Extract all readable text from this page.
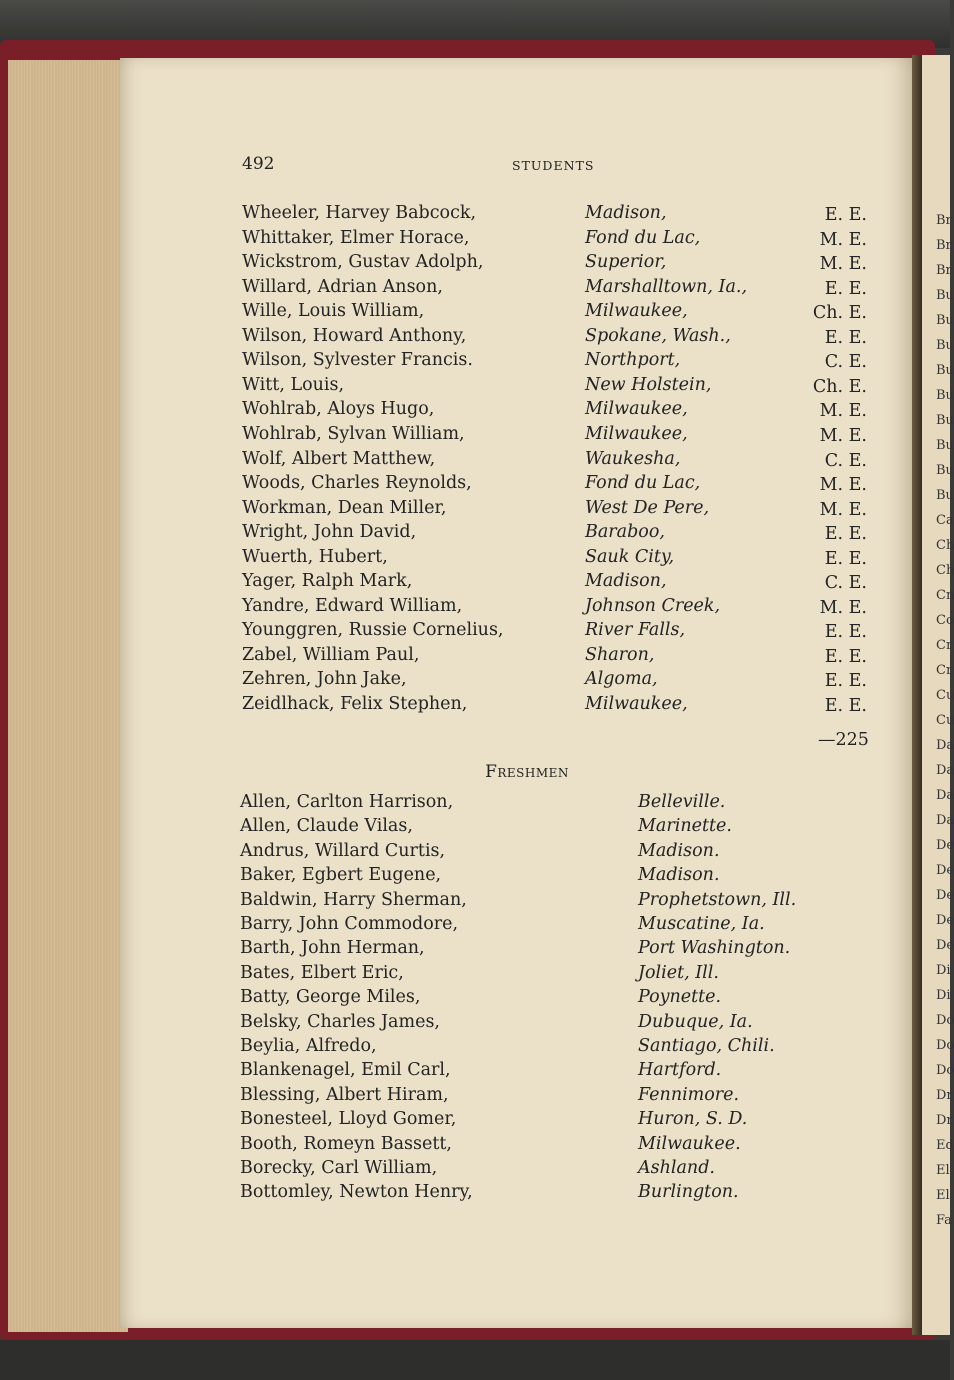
Br
Br
Br
Bu
Bu
Bu
Bu
Bu
Bu
Bu
Bu
Bu
Ca
Ch
Ch
Cn
Co
Cr
Cr
Cu
Cu
Da
Da
Da
Da
De
De
De
De
De
Di
Di
Do
Do
Do
Dr
Dr
Ed
El
El
Fa
492	STUDENTS
Wheeler, Harvey Babcock,	Madison,	E. E.
Whittaker, Elmer Horace,	Fond du Lac,	M. E.
Wickstrom, Gustav Adolph,	Superior,	M. E.
Willard, Adrian Anson,	Marshalltown, Ia.,	E. E.
Wille, Louis William,	Milwaukee,	Ch. E.
Wilson, Howard Anthony,	Spokane, Wash.,	E. E.
Wilson, Sylvester Francis.	Northport,	C. E.
Witt, Louis,	New Holstein,	Ch. E.
Wohlrab, Aloys Hugo,	Milwaukee,	M. E.
Wohlrab, Sylvan William,	Milwaukee,	M. E.
Wolf, Albert Matthew,	Waukesha,	C. E.
Woods, Charles Reynolds,	Fond du Lac,	M. E.
Workman, Dean Miller,	West De Pere,	M. E.
Wright, John David,	Baraboo,	E. E.
Wuerth, Hubert,	Sauk City,	E. E.
Yager, Ralph Mark,	Madison,	C. E.
Yandre, Edward William,	Johnson Creek,	M. E.
Younggren, Russie Cornelius,	River Falls,	E. E.
Zabel, William Paul,	Sharon,	E. E.
Zehren, John Jake,	Algoma,	E. E.
Zeidlhack, Felix Stephen,	Milwaukee,	E. E.
—225
Freshmen
Allen, Carlton Harrison,	Belleville.
Allen, Claude Vilas,	Marinette.
Andrus, Willard Curtis,	Madison.
Baker, Egbert Eugene,	Madison.
Baldwin, Harry Sherman,	Prophetstown, Ill.
Barry, John Commodore,	Muscatine, Ia.
Barth, John Herman,	Port Washington.
Bates, Elbert Eric,	Joliet, Ill.
Batty, George Miles,	Poynette.
Belsky, Charles James,	Dubuque, Ia.
Beylia, Alfredo,	Santiago, Chili.
Blankenagel, Emil Carl,	Hartford.
Blessing, Albert Hiram,	Fennimore.
Bonesteel, Lloyd Gomer,	Huron, S. D.
Booth, Romeyn Bassett,	Milwaukee.
Borecky, Carl William,	Ashland.
Bottomley, Newton Henry,	Burlington.
